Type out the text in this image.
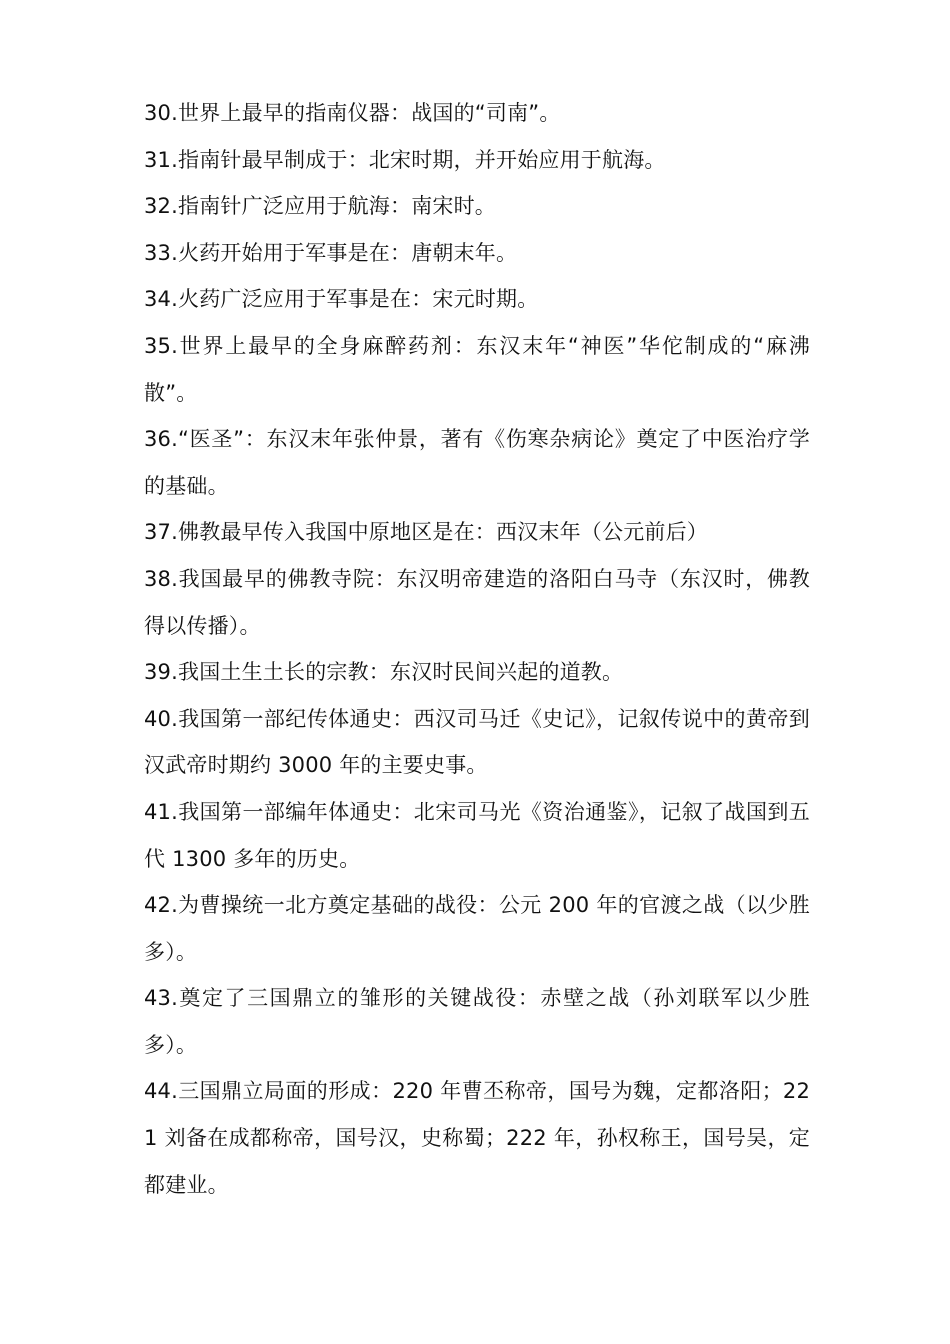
30.世界上最早的指南仪器：战国的“司南”。

31.指南针最早制成于：北宋时期，并开始应用于航海。

32.指南针广泛应用于航海：南宋时。

33.火药开始用于军事是在：唐朝末年。

34.火药广泛应用于军事是在：宋元时期。

35.世界上最早的全身麻醉药剂：东汉末年“神医”华佗制成的“麻沸散”。

36.“医圣”：东汉末年张仲景，著有《伤寒杂病论》奠定了中医治疗学的基础。

37.佛教最早传入我国中原地区是在：西汉末年（公元前后）

38.我国最早的佛教寺院：东汉明帝建造的洛阳白马寺（东汉时，佛教得以传播）。

39.我国土生土长的宗教：东汉时民间兴起的道教。

40.我国第一部纪传体通史：西汉司马迁《史记》，记叙传说中的黄帝到汉武帝时期约 3000 年的主要史事。

41.我国第一部编年体通史：北宋司马光《资治通鉴》，记叙了战国到五代 1300 多年的历史。

42.为曹操统一北方奠定基础的战役：公元 200 年的官渡之战（以少胜多）。

43.奠定了三国鼎立的雏形的关键战役：赤壁之战（孙刘联军以少胜多）。

44.三国鼎立局面的形成：220 年曹丕称帝，国号为魏，定都洛阳；221 刘备在成都称帝，国号汉，史称蜀；222 年，孙权称王，国号吴，定都建业。
